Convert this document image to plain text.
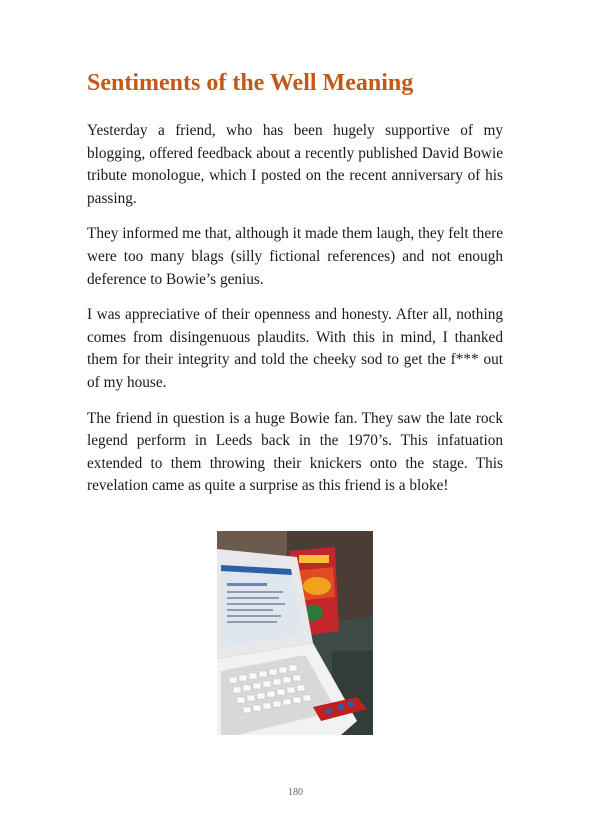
Sentiments of the Well Meaning

Yesterday a friend, who has been hugely supportive of my blogging, offered feedback about a recently published David Bowie tribute monologue, which I posted on the recent anniversary of his passing.

They informed me that, although it made them laugh, they felt there were too many blags (silly fictional references) and not enough deference to Bowie’s genius.

I was appreciative of their openness and honesty. After all, nothing comes from disingenuous plaudits. With this in mind, I thanked them for their integrity and told the cheeky sod to get the f*** out of my house.

The friend in question is a huge Bowie fan. They saw the late rock legend perform in Leeds back in the 1970’s. This infatuation extended to them throwing their knickers onto the stage. This revelation came as quite a surprise as this friend is a bloke!

180
